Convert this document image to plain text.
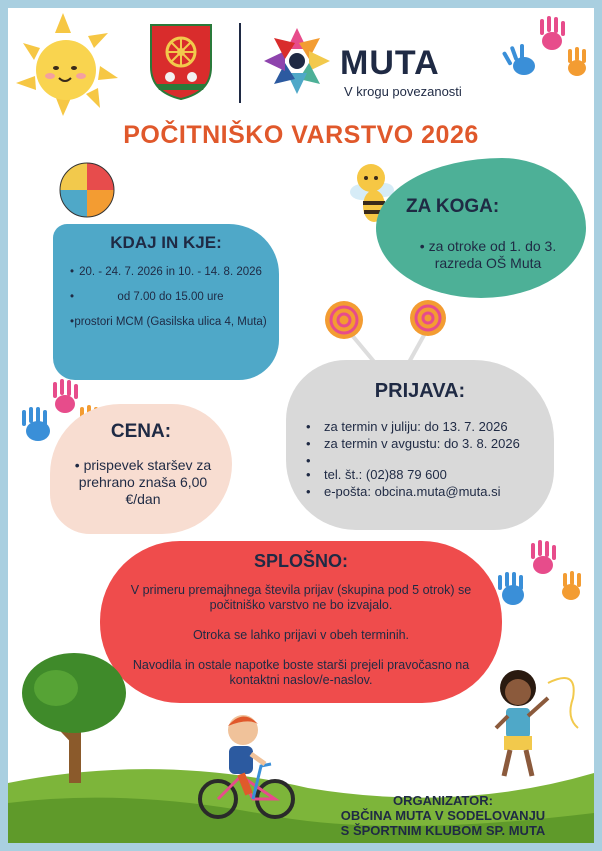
MUTA
V krogu povezanosti
POČITNIŠKO VARSTVO 2026
KDAJ IN KJE:
• 20. - 24. 7. 2026 in 10. - 14. 8. 2026
• od 7.00 do 15.00 ure
• prostori MCM (Gasilska ulica 4, Muta)
ZA KOGA:
• za otroke od 1. do 3. razreda OŠ Muta
PRIJAVA:
• za termin v juliju: do 13. 7. 2026
• za termin v avgustu: do 3. 8. 2026
•
• tel. št.: (02)88 79 600
• e-pošta: obcina.muta@muta.si
CENA:
• prispevek staršev za prehrano znaša 6,00 €/dan
SPLOŠNO:
V primeru premajhnega števila prijav (skupina pod 5 otrok) se počitniško varstvo ne bo izvajalo.
Otroka se lahko prijavi v obeh terminih.
Navodila in ostale napotke boste starši prejeli pravočasno na kontaktni naslov/e-naslov.
ORGANIZATOR:
OBČINA MUTA V SODELOVANJU
S ŠPORTNIM KLUBOM SP. MUTA
